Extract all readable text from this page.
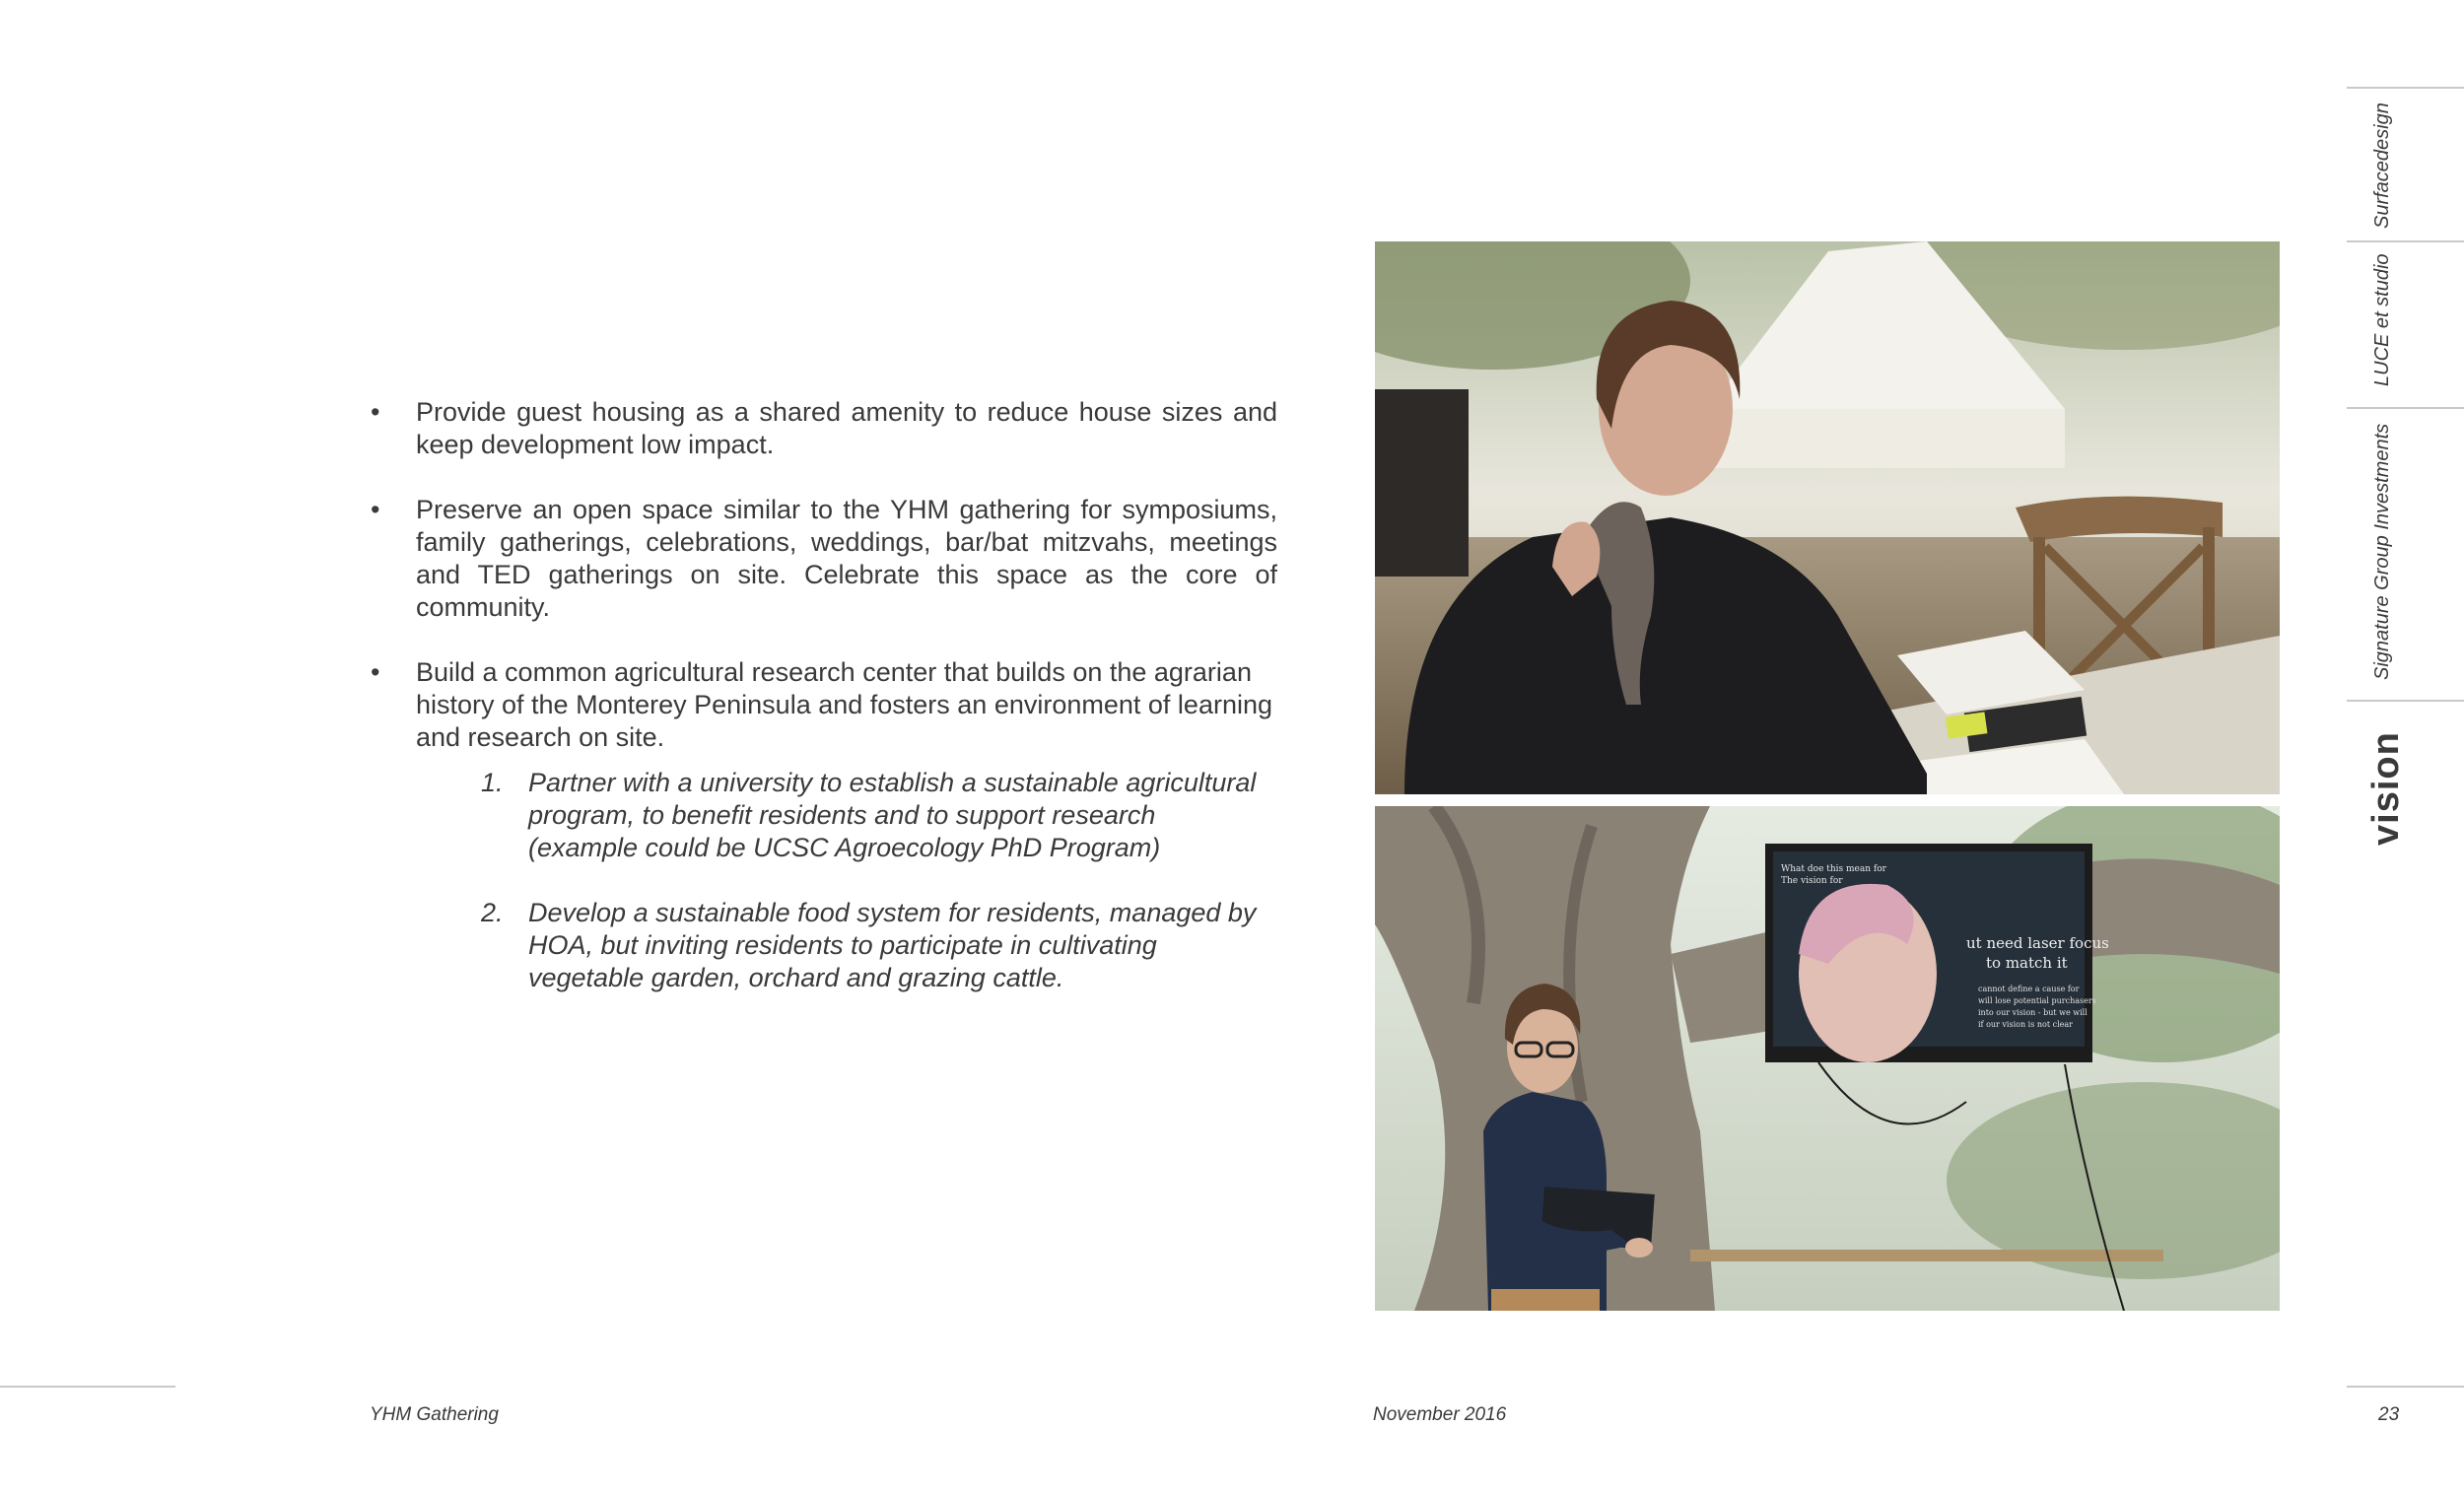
• Provide guest housing as a shared amenity to reduce house sizes and keep development low impact.
• Preserve an open space similar to the YHM gathering for symposiums, family gatherings, celebrations, weddings, bar/bat mitzvahs, meetings and TED gatherings on site. Celebrate this space as the core of community.
• Build a common agricultural research center that builds on the agrarian history of the Monterey Peninsula and fosters an environment of learning and research on site.
1. Partner with a university to establish a sustainable agricultural program, to benefit residents and to support research (example could be UCSC Agroecology PhD Program)
2. Develop a sustainable food system for residents, managed by HOA, but inviting residents to participate in cultivating vegetable garden, orchard and grazing cattle.
What doe this mean for
The vision for
ut need laser focus
to match it
cannot define a cause for
will lose potential purchasers
into our vision - but we will
if our vision is not clear
Surfacedesign
LUCE et studio
Signature Group Investments
vision
YHM Gathering	November 2016	23
